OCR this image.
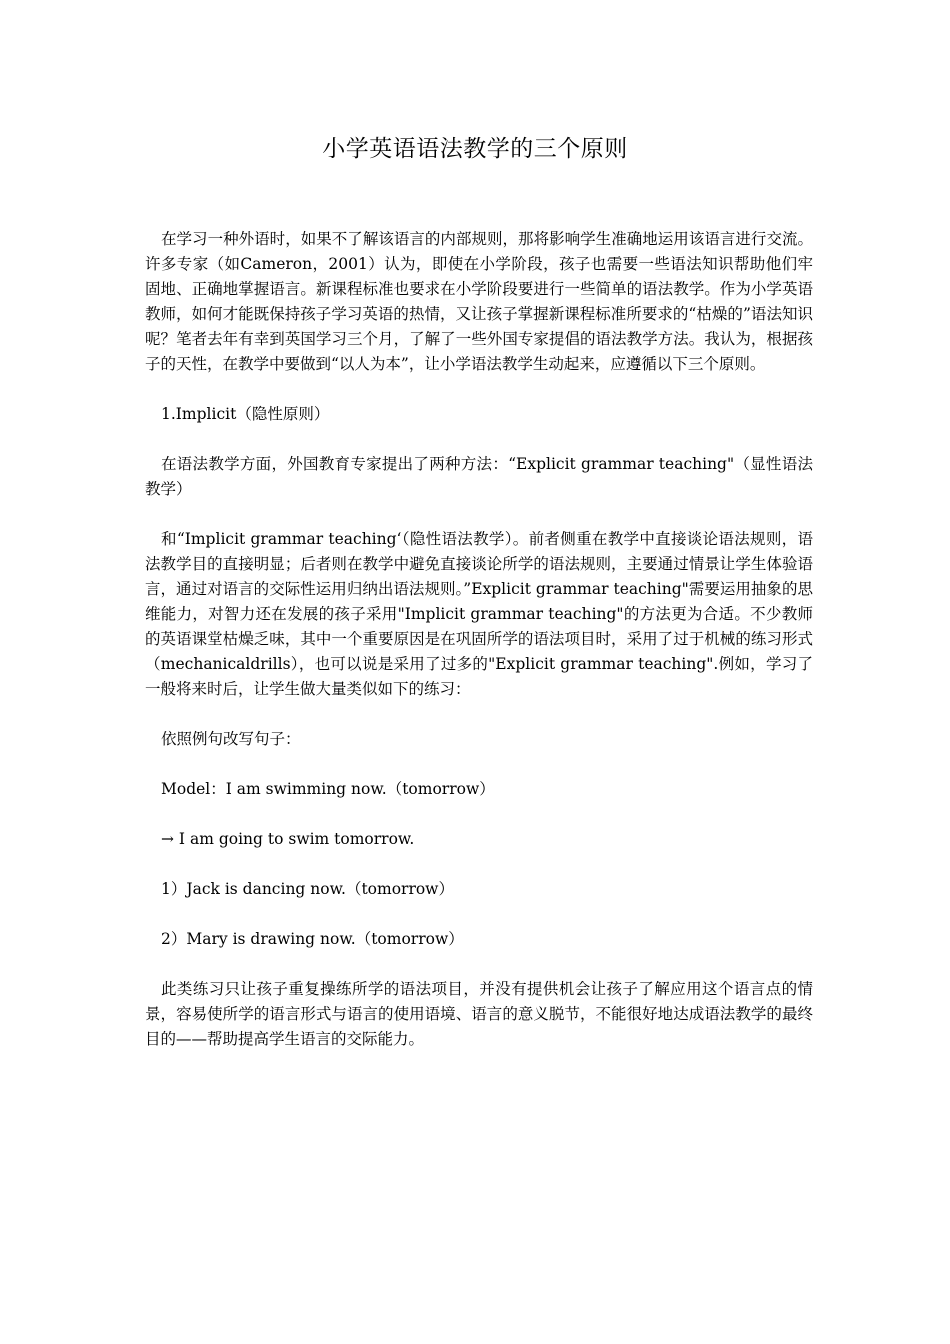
小学英语语法教学的三个原则

在学习一种外语时，如果不了解该语言的内部规则，那将影响学生准确地运用该语言进行交流。许多专家（如Cameron，2001）认为，即使在小学阶段，孩子也需要一些语法知识帮助他们牢固地、正确地掌握语言。新课程标准也要求在小学阶段要进行一些简单的语法教学。作为小学英语教师，如何才能既保持孩子学习英语的热情，又让孩子掌握新课程标准所要求的“枯燥的”语法知识呢？笔者去年有幸到英国学习三个月，了解了一些外国专家提倡的语法教学方法。我认为，根据孩子的天性，在教学中要做到“以人为本”，让小学语法教学生动起来，应遵循以下三个原则。

1.Implicit（隐性原则）

在语法教学方面，外国教育专家提出了两种方法：“Explicit grammar teaching"（显性语法教学）

和“Implicit grammar teaching‘（隐性语法教学）。前者侧重在教学中直接谈论语法规则，语法教学目的直接明显；后者则在教学中避免直接谈论所学的语法规则，主要通过情景让学生体验语言，通过对语言的交际性运用归纳出语法规则。”Explicit grammar teaching"需要运用抽象的思维能力，对智力还在发展的孩子采用"Implicit grammar teaching"的方法更为合适。不少教师的英语课堂枯燥乏味，其中一个重要原因是在巩固所学的语法项目时，采用了过于机械的练习形式（mechanicaldrills），也可以说是采用了过多的"Explicit grammar teaching".例如，学习了一般将来时后，让学生做大量类似如下的练习：

依照例句改写句子：

Model：I am swimming now.（tomorrow）

→ I am going to swim tomorrow.

1）Jack is dancing now.（tomorrow）

2）Mary is drawing now.（tomorrow）

此类练习只让孩子重复操练所学的语法项目，并没有提供机会让孩子了解应用这个语言点的情景，容易使所学的语言形式与语言的使用语境、语言的意义脱节，不能很好地达成语法教学的最终目的——帮助提高学生语言的交际能力。
